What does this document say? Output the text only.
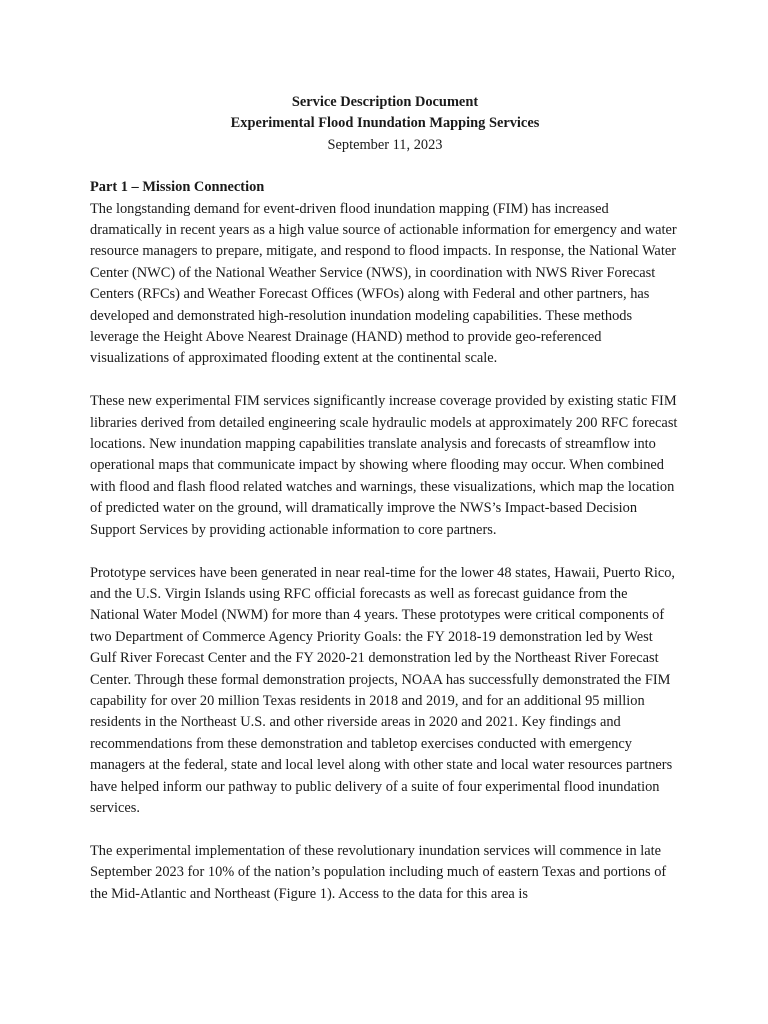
Service Description Document
Experimental Flood Inundation Mapping Services
September 11, 2023
Part 1 – Mission Connection

The longstanding demand for event-driven flood inundation mapping (FIM) has increased dramatically in recent years as a high value source of actionable information for emergency and water resource managers to prepare, mitigate, and respond to flood impacts. In response, the National Water Center (NWC) of the National Weather Service (NWS), in coordination with NWS River Forecast Centers (RFCs) and Weather Forecast Offices (WFOs) along with Federal and other partners, has developed and demonstrated high-resolution inundation modeling capabilities. These methods leverage the Height Above Nearest Drainage (HAND) method to provide geo-referenced visualizations of approximated flooding extent at the continental scale.

These new experimental FIM services significantly increase coverage provided by existing static FIM libraries derived from detailed engineering scale hydraulic models at approximately 200 RFC forecast locations. New inundation mapping capabilities translate analysis and forecasts of streamflow into operational maps that communicate impact by showing where flooding may occur. When combined with flood and flash flood related watches and warnings, these visualizations, which map the location of predicted water on the ground, will dramatically improve the NWS’s Impact-based Decision Support Services by providing actionable information to core partners.

Prototype services have been generated in near real-time for the lower 48 states, Hawaii, Puerto Rico, and the U.S. Virgin Islands using RFC official forecasts as well as forecast guidance from the National Water Model (NWM) for more than 4 years. These prototypes were critical components of two Department of Commerce Agency Priority Goals: the FY 2018-19 demonstration led by West Gulf River Forecast Center and the FY 2020-21 demonstration led by the Northeast River Forecast Center. Through these formal demonstration projects, NOAA has successfully demonstrated the FIM capability for over 20 million Texas residents in 2018 and 2019, and for an additional 95 million residents in the Northeast U.S. and other riverside areas in 2020 and 2021. Key findings and recommendations from these demonstration and tabletop exercises conducted with emergency managers at the federal, state and local level along with other state and local water resources partners have helped inform our pathway to public delivery of a suite of four experimental flood inundation services.

The experimental implementation of these revolutionary inundation services will commence in late September 2023 for 10% of the nation’s population including much of eastern Texas and portions of the Mid-Atlantic and Northeast (Figure 1). Access to the data for this area is
